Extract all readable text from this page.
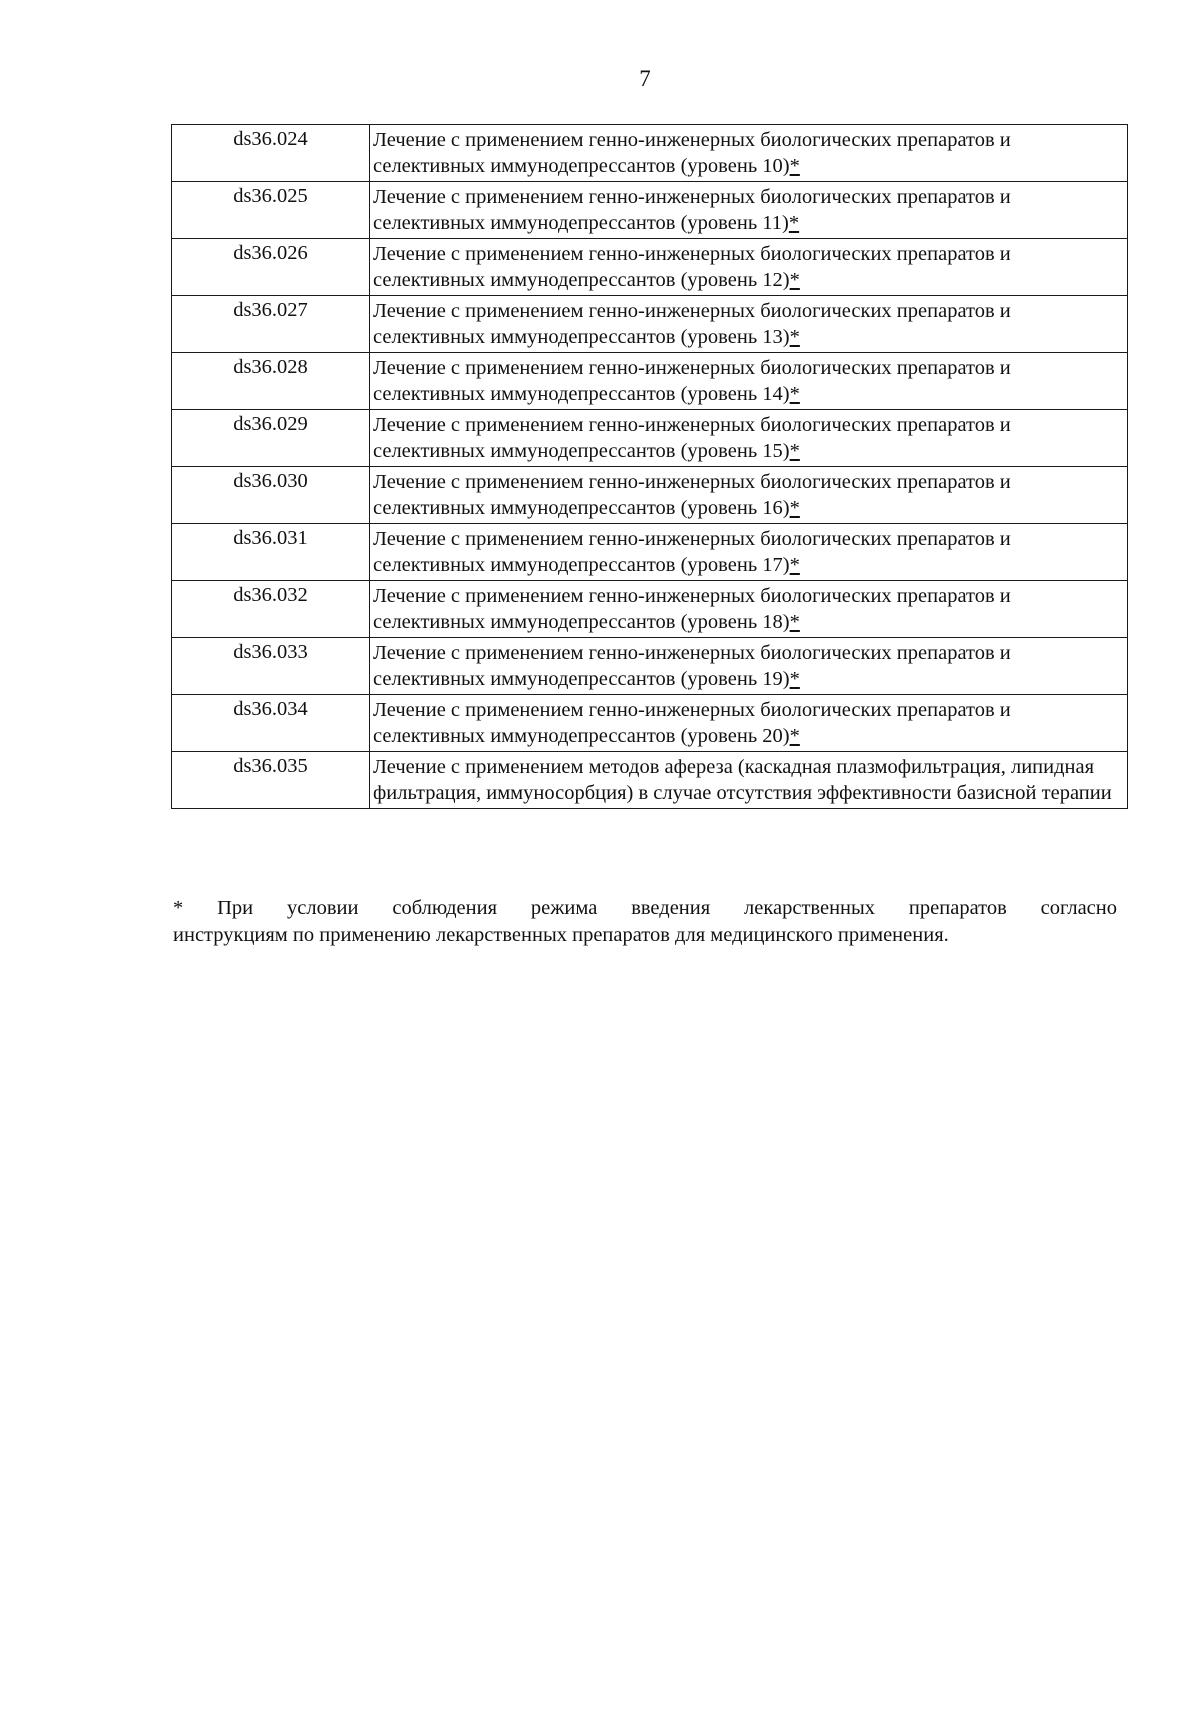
7
ds36.024	Лечение с применением генно-инженерных биологических препаратов и
селективных иммунодепрессантов (уровень 10)*

ds36.025	Лечение с применением генно-инженерных биологических препаратов и
селективных иммунодепрессантов (уровень 11)*

ds36.026	Лечение с применением генно-инженерных биологических препаратов и
селективных иммунодепрессантов (уровень 12)*

ds36.027	Лечение с применением генно-инженерных биологических препаратов и
селективных иммунодепрессантов (уровень 13)*

ds36.028	Лечение с применением генно-инженерных биологических препаратов и
селективных иммунодепрессантов (уровень 14)*

ds36.029	Лечение с применением генно-инженерных биологических препаратов и
селективных иммунодепрессантов (уровень 15)*

ds36.030	Лечение с применением генно-инженерных биологических препаратов и
селективных иммунодепрессантов (уровень 16)*

ds36.031	Лечение с применением генно-инженерных биологических препаратов и
селективных иммунодепрессантов (уровень 17)*

ds36.032	Лечение с применением генно-инженерных биологических препаратов и
селективных иммунодепрессантов (уровень 18)*

ds36.033	Лечение с применением генно-инженерных биологических препаратов и
селективных иммунодепрессантов (уровень 19)*

ds36.034	Лечение с применением генно-инженерных биологических препаратов и
селективных иммунодепрессантов (уровень 20)*

ds36.035	Лечение с применением методов афереза (каскадная плазмофильтрация, липидная фильтрация, иммуносорбция) в случае отсутствия эффективности базисной терапии
* При условии соблюдения режима введения лекарственных препаратов согласно
инструкциям по применению лекарственных препаратов для медицинского применения.
